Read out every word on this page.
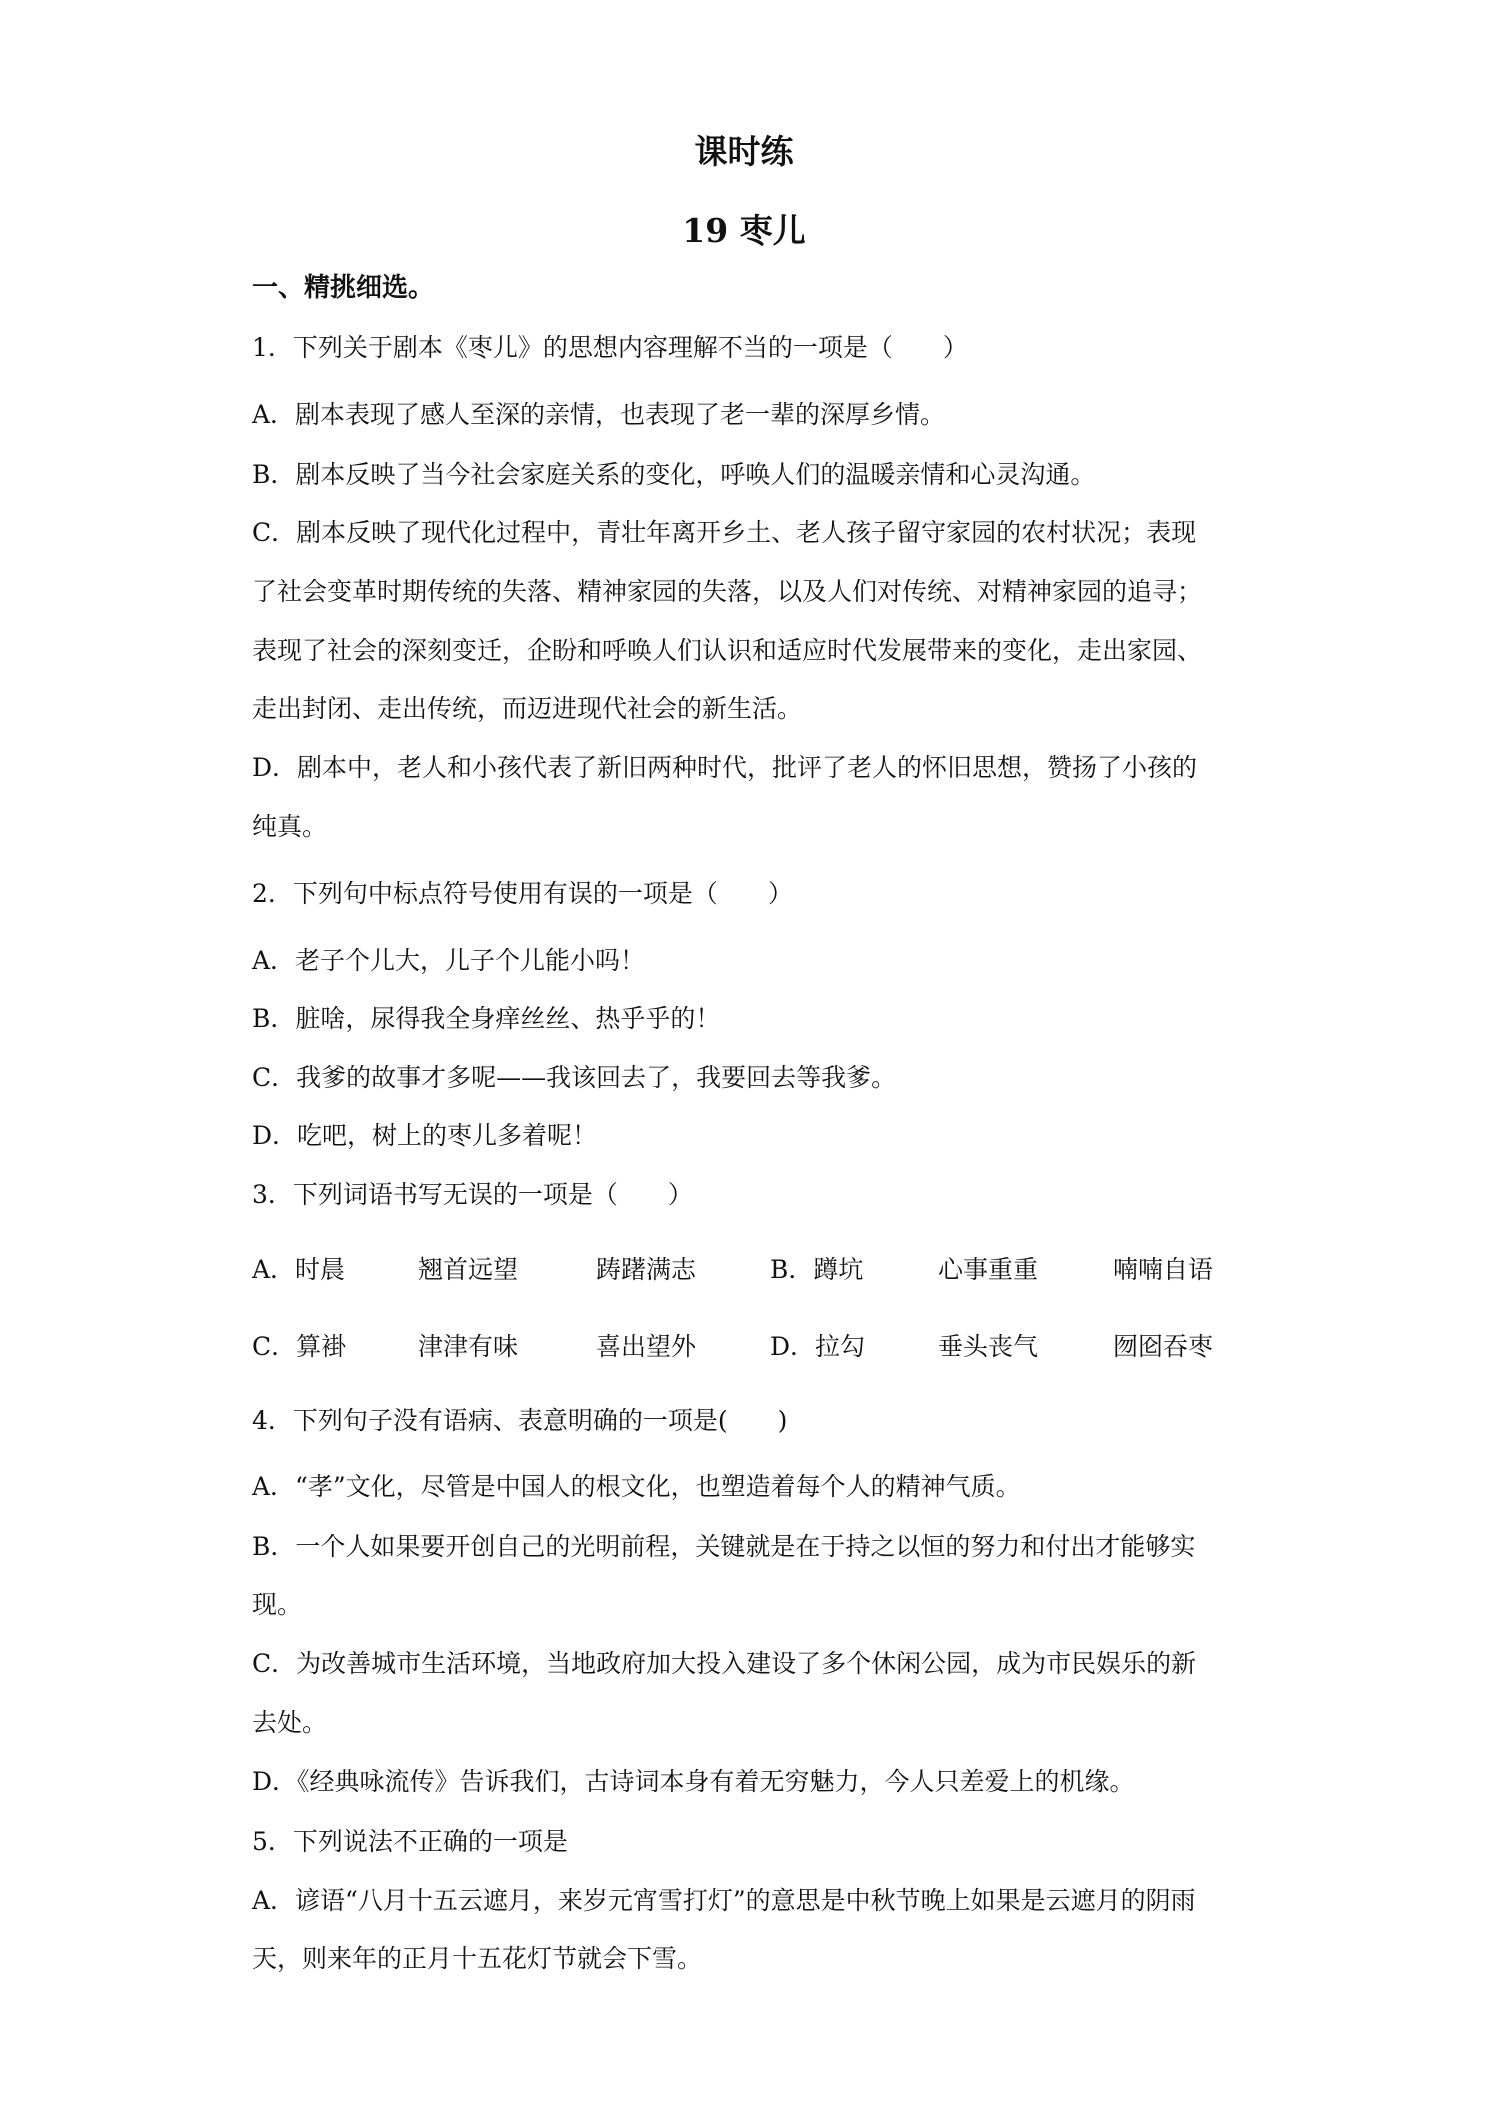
课时练
19 枣儿
一、精挑细选。
1．下列关于剧本《枣儿》的思想内容理解不当的一项是（　　）
A．剧本表现了感人至深的亲情，也表现了老一辈的深厚乡情。
B．剧本反映了当今社会家庭关系的变化，呼唤人们的温暖亲情和心灵沟通。
C．剧本反映了现代化过程中，青壮年离开乡土、老人孩子留守家园的农村状况；表现
了社会变革时期传统的失落、精神家园的失落，以及人们对传统、对精神家园的追寻；
表现了社会的深刻变迁，企盼和呼唤人们认识和适应时代发展带来的变化，走出家园、
走出封闭、走出传统，而迈进现代社会的新生活。
D．剧本中，老人和小孩代表了新旧两种时代，批评了老人的怀旧思想，赞扬了小孩的
纯真。
2．下列句中标点符号使用有误的一项是（　　）
A．老子个儿大，儿子个儿能小吗！
B．脏啥，尿得我全身痒丝丝、热乎乎的！
C．我爹的故事才多呢——我该回去了，我要回去等我爹。
D．吃吧，树上的枣儿多着呢！
3．下列词语书写无误的一项是（　　）
A．时晨	翘首远望	踌躇满志	B．蹲坑	心事重重	喃喃自语
C．算褂	津津有味	喜出望外	D．拉勾	垂头丧气	囫囵吞枣
4．下列句子没有语病、表意明确的一项是(　　)
A．“孝”文化，尽管是中国人的根文化，也塑造着每个人的精神气质。
B．一个人如果要开创自己的光明前程，关键就是在于持之以恒的努力和付出才能够实
现。
C．为改善城市生活环境，当地政府加大投入建设了多个休闲公园，成为市民娱乐的新
去处。
D．《经典咏流传》告诉我们，古诗词本身有着无穷魅力，今人只差爱上的机缘。
5．下列说法不正确的一项是
A．谚语“八月十五云遮月，来岁元宵雪打灯”的意思是中秋节晚上如果是云遮月的阴雨
天，则来年的正月十五花灯节就会下雪。
